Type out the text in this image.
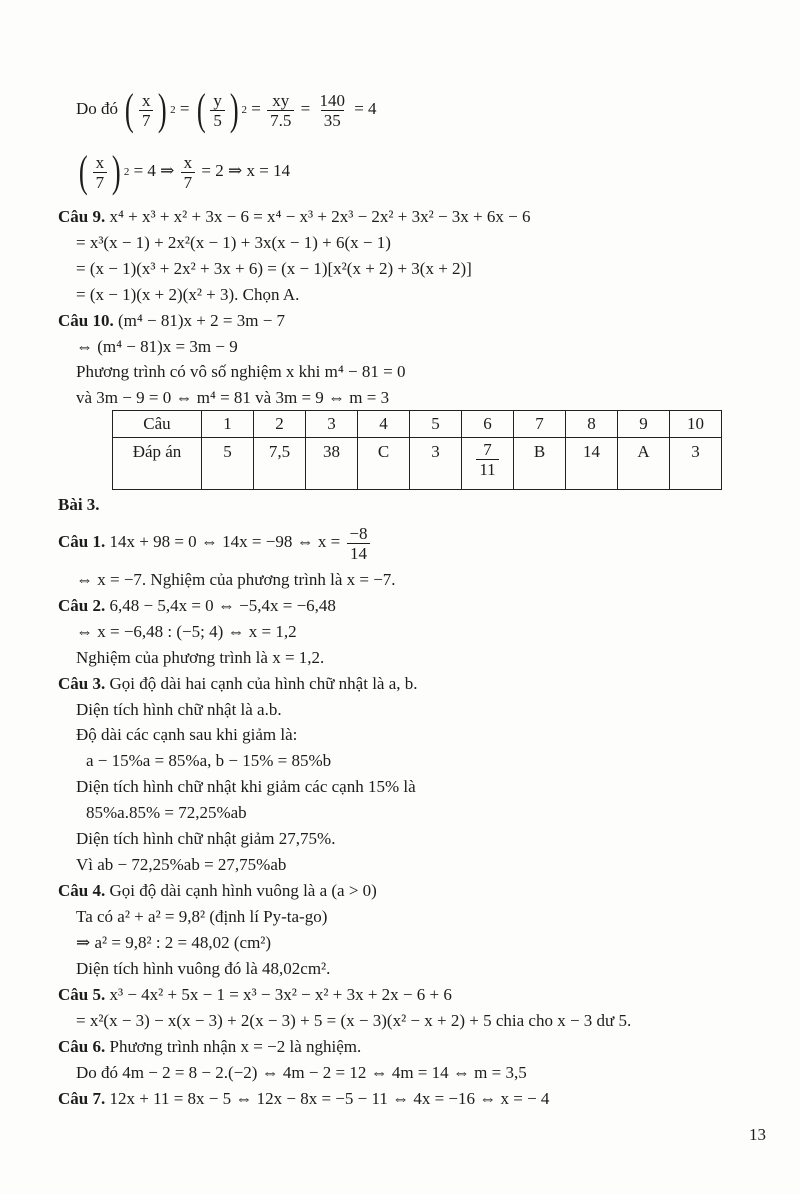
Do đó ( $\frac{x}{7}$ ) 2 = ( $\frac{y}{5}$ ) $2 = \frac{xy}{7.5} = \frac{140}{35} = 4$
( $\frac{x}{7}$ ) 2 = 4 ⇒ $\frac{x}{7} = 2$ ⇒ x = 14
Câu 9. x⁴ + x³ + x² + 3x − 6 = x⁴ − x³ + 2x³ − 2x² + 3x² − 3x + 6x − 6
= x³(x − 1) + 2x²(x − 1) + 3x(x − 1) + 6(x − 1)
= (x − 1)(x³ + 2x² + 3x + 6) = (x − 1)[x²(x + 2) + 3(x + 2)]
= (x − 1)(x + 2)(x² + 3). Chọn A.
Câu 10. (m⁴ − 81)x + 2 = 3m − 7
⇔ (m⁴ − 81)x = 3m − 9
Phương trình có vô số nghiệm x khi m⁴ − 81 = 0
và 3m − 9 = 0 ⇔ m⁴ = 81 và 3m = 9 ⇔ m = 3
Câu	1	2	3	4	5	6	7	8	9	10
Đáp án	5	7,5	38	C	3	$\frac{7}{11}$	B	14	A	3
Bài 3.
Câu 1. 14x + 98 = 0 ⇔ 14x = −98 ⇔ $x = \frac{-8}{14}$
⇔ x = −7. Nghiệm của phương trình là x = −7.
Câu 2. 6,48 − 5,4x = 0 ⇔ −5,4x = −6,48
⇔ x = −6,48 : (−5; 4) ⇔ x = 1,2
Nghiệm của phương trình là x = 1,2.
Câu 3. Gọi độ dài hai cạnh của hình chữ nhật là a, b.
Diện tích hình chữ nhật là a.b.
Độ dài các cạnh sau khi giảm là:
a − 15%a = 85%a, b − 15% = 85%b
Diện tích hình chữ nhật khi giảm các cạnh 15% là
85%a.85% = 72,25%ab
Diện tích hình chữ nhật giảm 27,75%.
Vì ab − 72,25%ab = 27,75%ab
Câu 4. Gọi độ dài cạnh hình vuông là a (a > 0)
Ta có a² + a² = 9,8² (định lí Py-ta-go)
⇒ a² = 9,8² : 2 = 48,02 (cm²)
Diện tích hình vuông đó là 48,02cm².
Câu 5. x³ − 4x² + 5x − 1 = x³ − 3x² − x² + 3x + 2x − 6 + 6
= x²(x − 3) − x(x − 3) + 2(x − 3) + 5 = (x − 3)(x² − x + 2) + 5 chia cho x − 3 dư 5.
Câu 6. Phương trình nhận x = −2 là nghiệm.
Do đó 4m − 2 = 8 − 2.(−2) ⇔ 4m − 2 = 12 ⇔ 4m = 14 ⇔ m = 3,5
Câu 7. 12x + 11 = 8x − 5 ⇔ 12x − 8x = −5 − 11 ⇔ 4x = −16 ⇔ x = − 4
13
